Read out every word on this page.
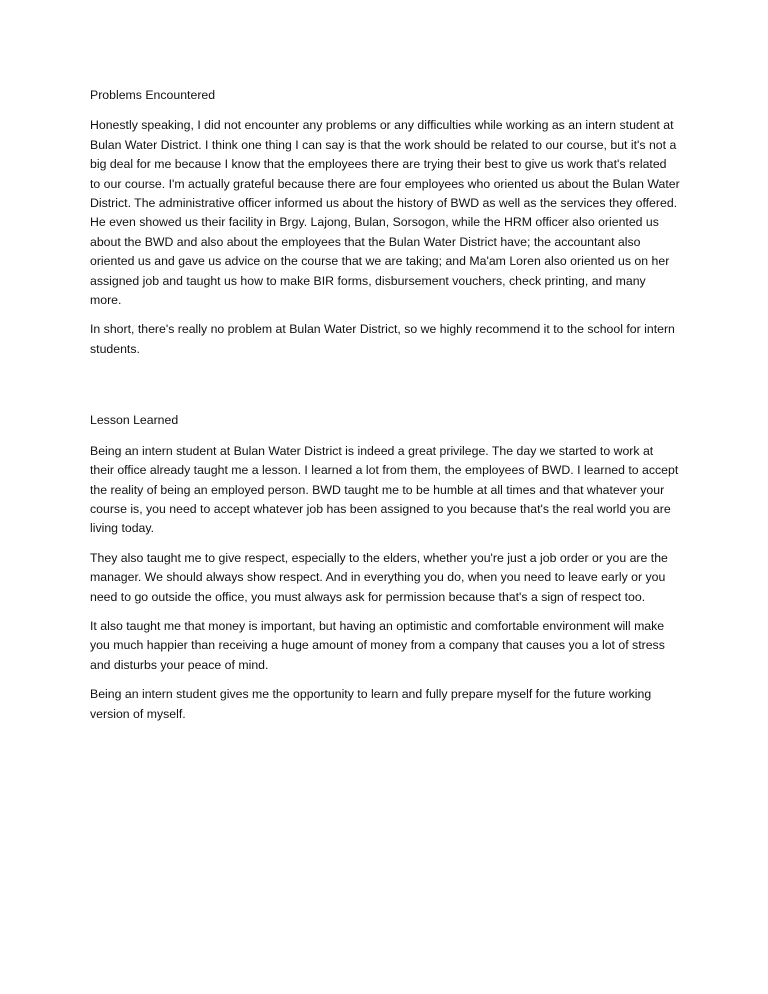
Problems Encountered

Honestly speaking, I did not encounter any problems or any difficulties while working as an intern student at Bulan Water District. I think one thing I can say is that the work should be related to our course, but it's not a big deal for me because I know that the employees there are trying their best to give us work that's related to our course. I'm actually grateful because there are four employees who oriented us about the Bulan Water District. The administrative officer informed us about the history of BWD as well as the services they offered. He even showed us their facility in Brgy. Lajong, Bulan, Sorsogon, while the HRM officer also oriented us about the BWD and also about the employees that the Bulan Water District have; the accountant also oriented us and gave us advice on the course that we are taking; and Ma'am Loren also oriented us on her assigned job and taught us how to make BIR forms, disbursement vouchers, check printing, and many more.

In short, there's really no problem at Bulan Water District, so we highly recommend it to the school for intern students.

Lesson Learned

Being an intern student at Bulan Water District is indeed a great privilege. The day we started to work at their office already taught me a lesson. I learned a lot from them, the employees of BWD. I learned to accept the reality of being an employed person. BWD taught me to be humble at all times and that whatever your course is, you need to accept whatever job has been assigned to you because that's the real world you are living today.

They also taught me to give respect, especially to the elders, whether you're just a job order or you are the manager. We should always show respect. And in everything you do, when you need to leave early or you need to go outside the office, you must always ask for permission because that's a sign of respect too.

It also taught me that money is important, but having an optimistic and comfortable environment will make you much happier than receiving a huge amount of money from a company that causes you a lot of stress and disturbs your peace of mind.

Being an intern student gives me the opportunity to learn and fully prepare myself for the future working version of myself.
